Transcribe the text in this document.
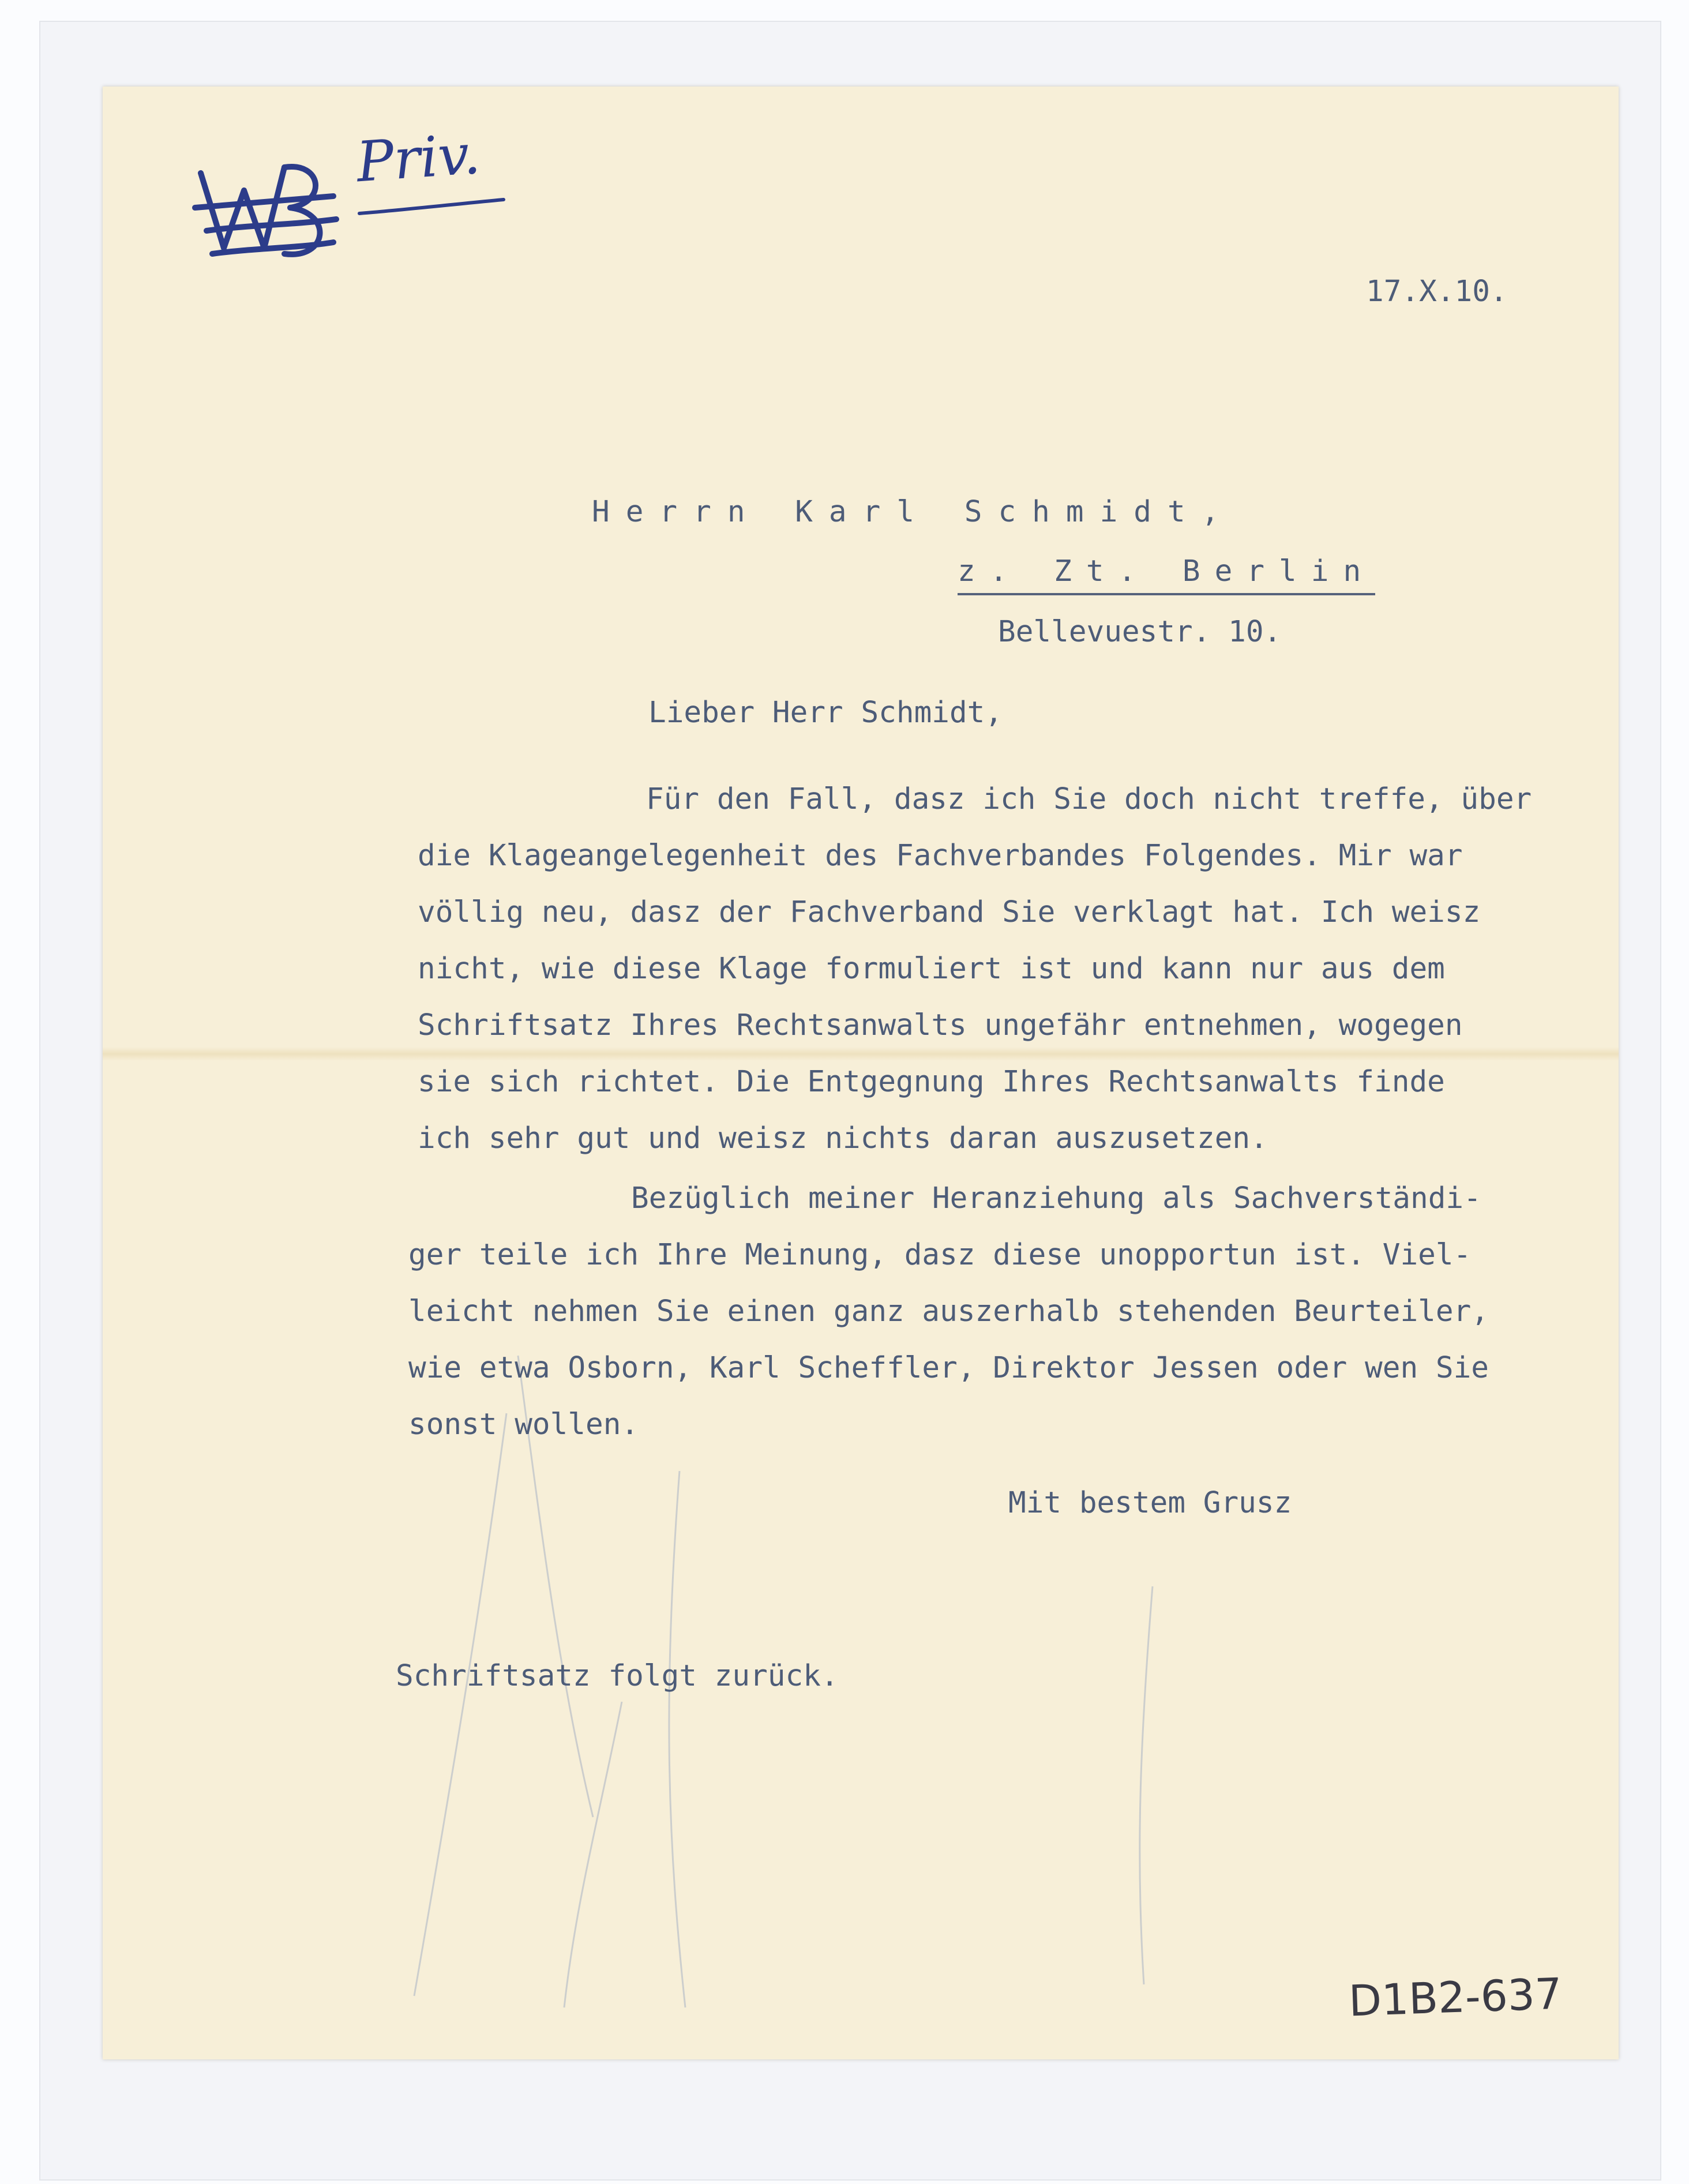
Priv.

17.X.10.

Herrn Karl Schmidt,

z. Zt. Berlin

Bellevuestr. 10.

Lieber Herr Schmidt,

Für den Fall, dasz ich Sie doch nicht treffe, über

die Klageangelegenheit des Fachverbandes Folgendes. Mir war

völlig neu, dasz der Fachverband Sie verklagt hat. Ich weisz

nicht, wie diese Klage formuliert ist und kann nur aus dem

Schriftsatz Ihres Rechtsanwalts ungefähr entnehmen, wogegen

sie sich richtet. Die Entgegnung Ihres Rechtsanwalts finde

ich sehr gut und weisz nichts daran auszusetzen.

Bezüglich meiner Heranziehung als Sachverständi-

ger teile ich Ihre Meinung, dasz diese unopportun ist. Viel-

leicht nehmen Sie einen ganz auszerhalb stehenden Beurteiler,

wie etwa Osborn, Karl Scheffler, Direktor Jessen oder wen Sie

sonst wollen.

Mit bestem Grusz

Schriftsatz folgt zurück.

D1B2-637
